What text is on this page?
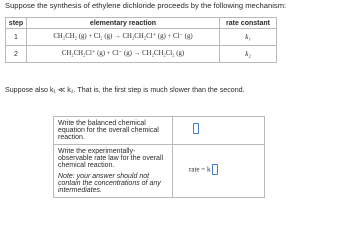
Suppose the synthesis of ethylene dichloride proceeds by the following mechanism:
step	elementary reaction	rate constant
1	CH₂CH₂ (g) + Cl₂ (g) → CH₂CH₂Cl⁺ (g) + Cl⁻ (g)	k₁
2	CH₂CH₂Cl⁺ (g) + Cl⁻ (g) → CH₂CH₂Cl₂ (g)	k₂
Suppose also k₁ ≪ k₂. That is, the first step is much slower than the second.
Write the balanced chemical equation for the overall chemical reaction.	

Write the experimentally-observable rate law for the overall chemical reaction.
Note: your answer should not contain the concentrations of any intermediates.	rate = k
